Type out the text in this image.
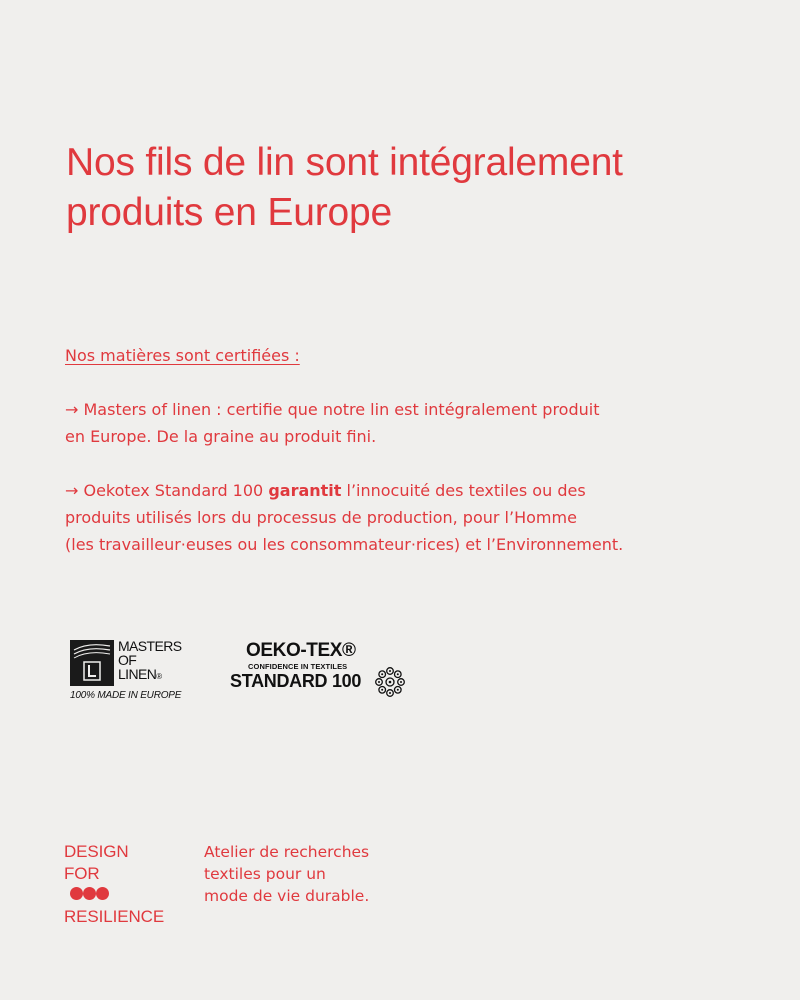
Nos fils de lin sont intégralement
produits en Europe
Nos matières sont certifiées :
→ Masters of linen : certifie que notre lin est intégralement produit
en Europe. De la graine au produit fini.
→ Oekotex Standard 100 garantit l’innocuité des textiles ou des
produits utilisés lors du processus de production, pour l’Homme
(les travailleur·euses ou les consommateur·rices) et l’Environnement.
MASTERS
OF
LINEN®
100% MADE IN EUROPE
OEKO-TEX®
CONFIDENCE IN TEXTILES
STANDARD 100
DESIGN
FOR
RESILIENCE
Atelier de recherches
textiles pour un
mode de vie durable.
